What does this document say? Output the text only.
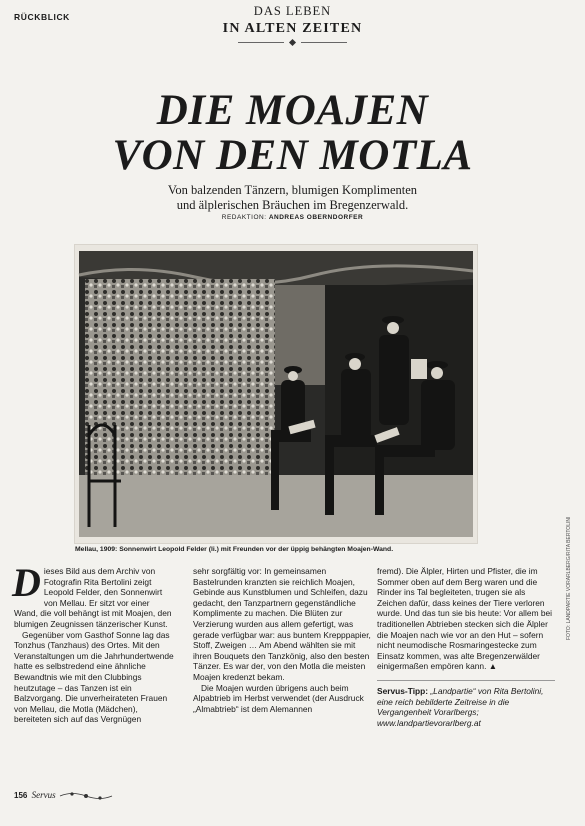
RÜCKBLICK	DAS LEBEN
IN ALTEN ZEITEN
DIE MOAJEN
VON DEN MOTLA
Von balzenden Tänzern, blumigen Komplimenten
und älplerischen Bräuchen im Bregenzerwald.
REDAKTION: ANDREAS OBERNDORFER
Mellau, 1909: Sonnenwirt Leopold Felder (li.) mit Freunden vor der üppig behängten Moajen-Wand.	FOTO: LANDPARTIE VORARLBERG/RITA BERTOLINI

Dieses Bild aus dem Archiv von Fotografin Rita Bertolini zeigt Leopold Felder, den Sonnenwirt von Mellau. Er sitzt vor einer Wand, die voll behängt ist mit Moajen, den blumigen Zeugnissen tänzerischer Kunst.

Gegenüber vom Gasthof Sonne lag das Tonzhus (Tanzhaus) des Ortes. Mit den Veranstaltungen um die Jahrhundertwende hatte es selbstredend eine ähnliche Bewandtnis wie mit den Clubbings heutzutage – das Tanzen ist ein Balzvorgang. Die unverheirateten Frauen von Mellau, die Motla (Mädchen), bereiteten sich auf das Vergnügen

sehr sorgfältig vor: In gemeinsamen Bastelrunden kranzten sie reichlich Moajen, Gebinde aus Kunstblumen und Schleifen, dazu gedacht, den Tanzpartnern gegenständliche Komplimente zu machen. Die Blüten zur Verzierung wurden aus allem gefertigt, was gerade verfügbar war: aus buntem Krepppapier, Stoff, Zweigen … Am Abend wählten sie mit ihren Bouquets den Tanzkönig, also den besten Tänzer. Es war der, von den Motla die meisten Moajen kredenzt bekam.

Die Moajen wurden übrigens auch beim Alpabtrieb im Herbst verwendet (der Ausdruck „Almabtrieb“ ist dem Alemannen

fremd). Die Älpler, Hirten und Pfister, die im Sommer oben auf dem Berg waren und die Rinder ins Tal begleiteten, trugen sie als Zeichen dafür, dass keines der Tiere verloren wurde. Und das tun sie bis heute: Vor allem bei traditionellen Abtrieben stecken sich die Älpler die Moajen nach wie vor an den Hut – sofern nicht neumodische Rosmaringestecke zum Einsatz kommen, was alte Bregenzerwälder einigermaßen empören kann. ▲

Servus-Tipp: „Landpartie“ von Rita Bertolini, eine reich bebilderte Zeitreise in die Vergangenheit Vorarlbergs; www.landpartievorarlberg.at
156 Servus
